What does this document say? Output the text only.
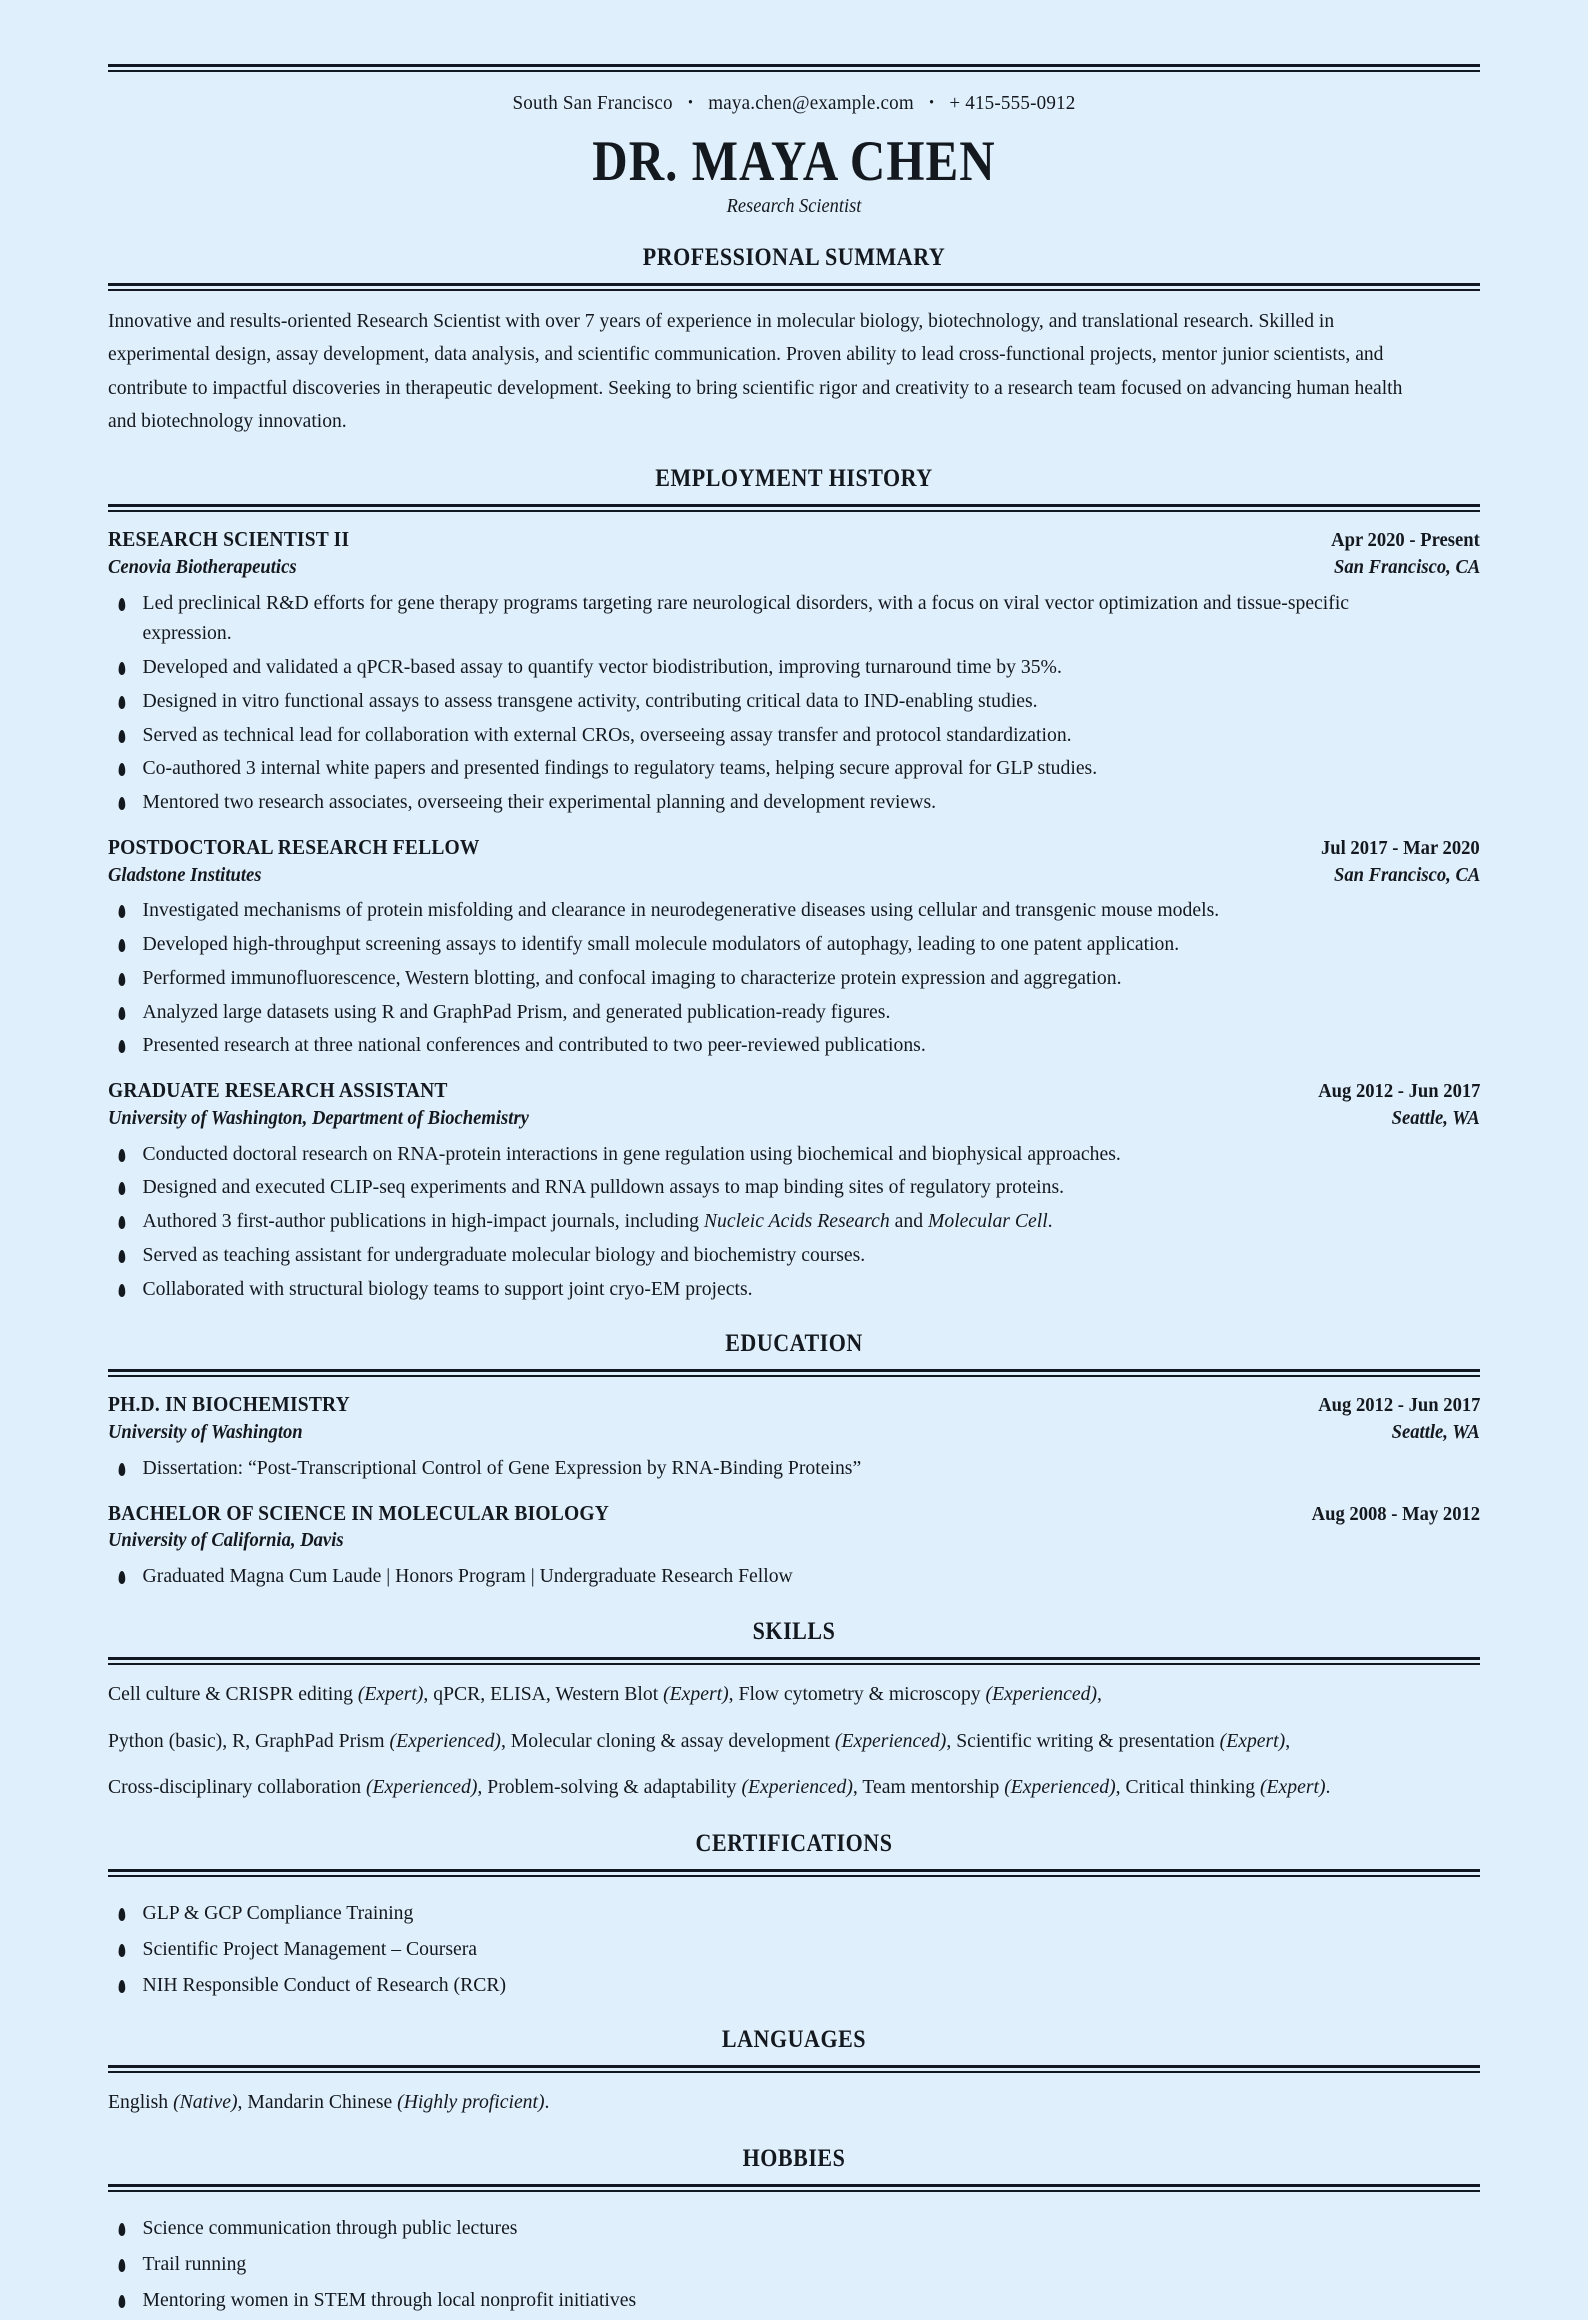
South San Francisco • maya.chen@example.com • + 415-555-0912
DR. MAYA CHEN
Research Scientist
PROFESSIONAL SUMMARY
Innovative and results-oriented Research Scientist with over 7 years of experience in molecular biology, biotechnology, and translational research. Skilled in experimental design, assay development, data analysis, and scientific communication. Proven ability to lead cross-functional projects, mentor junior scientists, and contribute to impactful discoveries in therapeutic development. Seeking to bring scientific rigor and creativity to a research team focused on advancing human health and biotechnology innovation.
EMPLOYMENT HISTORY
RESEARCH SCIENTIST II	Apr 2020 - Present
Cenovia Biotherapeutics	San Francisco, CA
Led preclinical R&D efforts for gene therapy programs targeting rare neurological disorders, with a focus on viral vector optimization and tissue-specific expression.
Developed and validated a qPCR-based assay to quantify vector biodistribution, improving turnaround time by 35%.
Designed in vitro functional assays to assess transgene activity, contributing critical data to IND-enabling studies.
Served as technical lead for collaboration with external CROs, overseeing assay transfer and protocol standardization.
Co-authored 3 internal white papers and presented findings to regulatory teams, helping secure approval for GLP studies.
Mentored two research associates, overseeing their experimental planning and development reviews.
POSTDOCTORAL RESEARCH FELLOW	Jul 2017 - Mar 2020
Gladstone Institutes	San Francisco, CA
Investigated mechanisms of protein misfolding and clearance in neurodegenerative diseases using cellular and transgenic mouse models.
Developed high-throughput screening assays to identify small molecule modulators of autophagy, leading to one patent application.
Performed immunofluorescence, Western blotting, and confocal imaging to characterize protein expression and aggregation.
Analyzed large datasets using R and GraphPad Prism, and generated publication-ready figures.
Presented research at three national conferences and contributed to two peer-reviewed publications.
GRADUATE RESEARCH ASSISTANT	Aug 2012 - Jun 2017
University of Washington, Department of Biochemistry	Seattle, WA
Conducted doctoral research on RNA-protein interactions in gene regulation using biochemical and biophysical approaches.
Designed and executed CLIP-seq experiments and RNA pulldown assays to map binding sites of regulatory proteins.
Authored 3 first-author publications in high-impact journals, including Nucleic Acids Research and Molecular Cell.
Served as teaching assistant for undergraduate molecular biology and biochemistry courses.
Collaborated with structural biology teams to support joint cryo-EM projects.
EDUCATION
PH.D. IN BIOCHEMISTRY	Aug 2012 - Jun 2017
University of Washington	Seattle, WA
Dissertation: “Post-Transcriptional Control of Gene Expression by RNA-Binding Proteins”
BACHELOR OF SCIENCE IN MOLECULAR BIOLOGY	Aug 2008 - May 2012
University of California, Davis
Graduated Magna Cum Laude | Honors Program | Undergraduate Research Fellow
SKILLS
Cell culture & CRISPR editing (Expert), qPCR, ELISA, Western Blot (Expert), Flow cytometry & microscopy (Experienced),
Python (basic), R, GraphPad Prism (Experienced), Molecular cloning & assay development (Experienced), Scientific writing & presentation (Expert),
Cross-disciplinary collaboration (Experienced), Problem-solving & adaptability (Experienced), Team mentorship (Experienced), Critical thinking (Expert).
CERTIFICATIONS
GLP & GCP Compliance Training
Scientific Project Management – Coursera
NIH Responsible Conduct of Research (RCR)
LANGUAGES
English (Native), Mandarin Chinese (Highly proficient).
HOBBIES
Science communication through public lectures
Trail running
Mentoring women in STEM through local nonprofit initiatives
